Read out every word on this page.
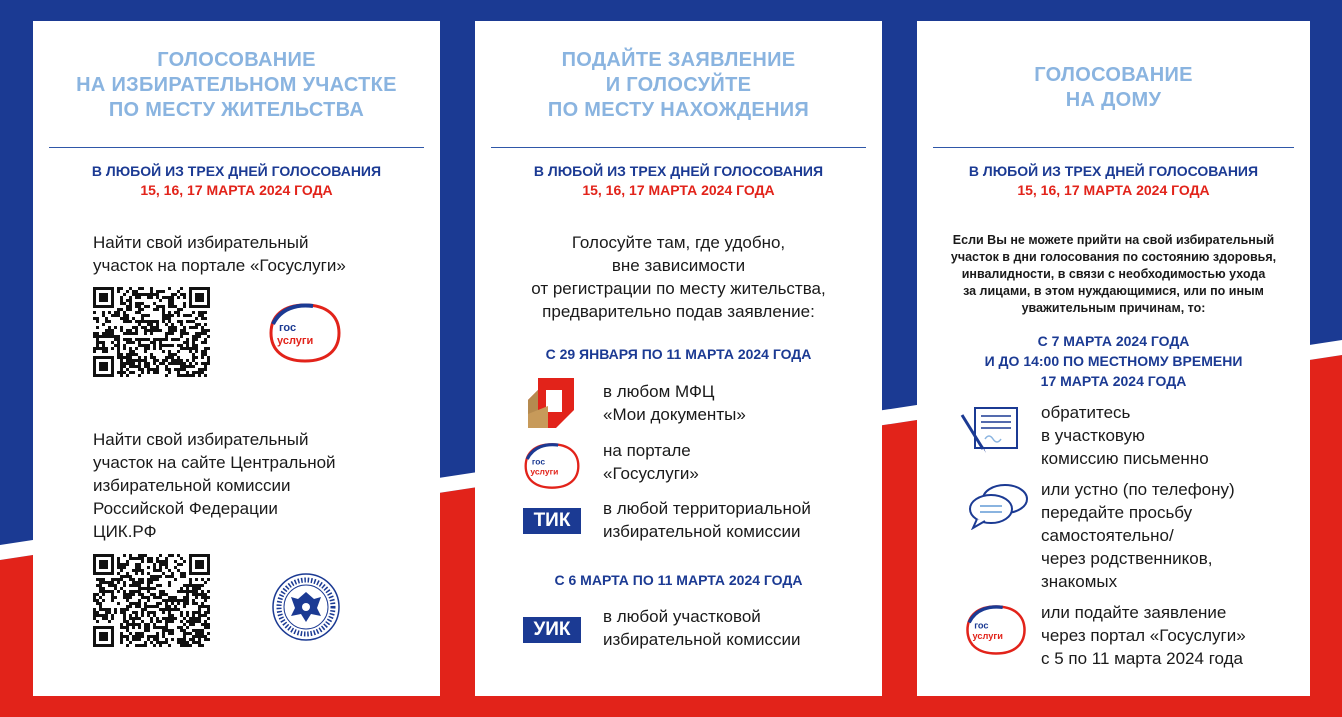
ГОЛОСОВАНИЕ
НА ИЗБИРАТЕЛЬНОМ УЧАСТКЕ
ПО МЕСТУ ЖИТЕЛЬСТВА
В ЛЮБОЙ ИЗ ТРЕХ ДНЕЙ ГОЛОСОВАНИЯ
15, 16, 17 МАРТА 2024 ГОДА
Найти свой избирательный
участок на портале «Госуслуги»
гос
услуги
Найти свой избирательный
участок на сайте Центральной
избирательной комиссии
Российской Федерации
ЦИК.РФ
ПОДАЙТЕ ЗАЯВЛЕНИЕ
И ГОЛОСУЙТЕ
ПО МЕСТУ НАХОЖДЕНИЯ
В ЛЮБОЙ ИЗ ТРЕХ ДНЕЙ ГОЛОСОВАНИЯ
15, 16, 17 МАРТА 2024 ГОДА
Голосуйте там, где удобно,
вне зависимости
от регистрации по месту жительства,
предварительно подав заявление:
С 29 ЯНВАРЯ ПО 11 МАРТА 2024 ГОДА
в любом МФЦ
«Мои документы»
гос
услуги
на портале
«Госуслуги»
ТИК
в любой территориальной
избирательной комиссии
С 6 МАРТА ПО 11 МАРТА 2024 ГОДА
УИК
в любой участковой
избирательной комиссии
ГОЛОСОВАНИЕ
НА ДОМУ
В ЛЮБОЙ ИЗ ТРЕХ ДНЕЙ ГОЛОСОВАНИЯ
15, 16, 17 МАРТА 2024 ГОДА
Если Вы не можете прийти на свой избирательный
участок в дни голосования по состоянию здоровья,
инвалидности, в связи с необходимостью ухода
за лицами, в этом нуждающимися, или по иным
уважительным причинам, то:
С 7 МАРТА 2024 ГОДА
И ДО 14:00 ПО МЕСТНОМУ ВРЕМЕНИ
17 МАРТА 2024 ГОДА
обратитесь
в участковую
комиссию письменно
или устно (по телефону)
передайте просьбу
самостоятельно/
через родственников,
знакомых
гос
услуги
или подайте заявление
через портал «Госуслуги»
с 5 по 11 марта 2024 года
